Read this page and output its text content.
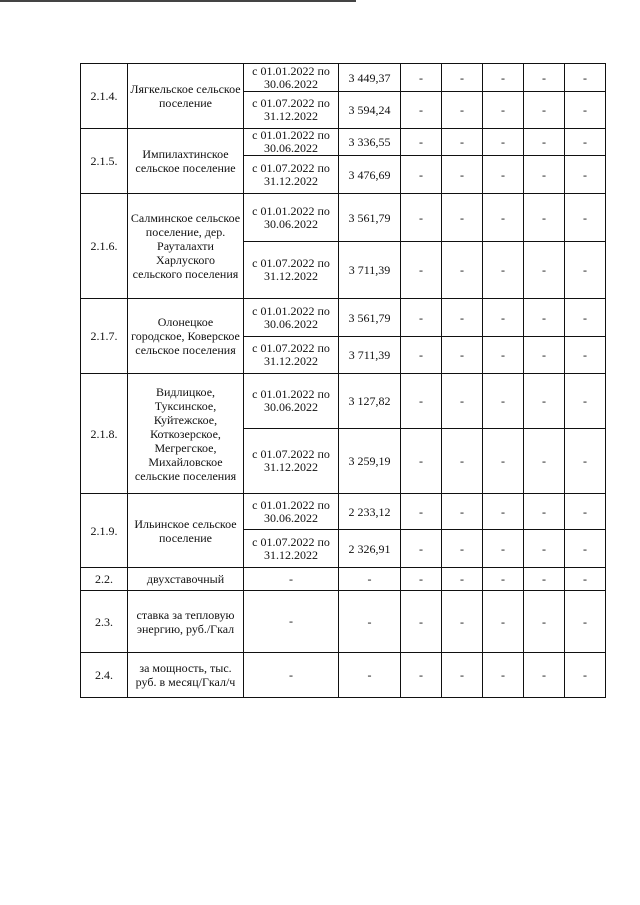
2.1.4.	Лягкельское сельское поселение	с 01.01.2022 по 30.06.2022	3 449,37	-	-	-	-	-
		с 01.07.2022 по 31.12.2022	3 594,24	-	-	-	-	-
2.1.5.	Импилахтинское сельское поселение	с 01.01.2022 по 30.06.2022	3 336,55	-	-	-	-	-
		с 01.07.2022 по 31.12.2022	3 476,69	-	-	-	-	-
2.1.6.	Салминское сельское поселение, дер. Рауталахти Харлуского сельского поселения	с 01.01.2022 по 30.06.2022	3 561,79	-	-	-	-	-
		с 01.07.2022 по 31.12.2022	3 711,39	-	-	-	-	-
2.1.7.	Олонецкое городское, Коверское сельское поселения	с 01.01.2022 по 30.06.2022	3 561,79	-	-	-	-	-
		с 01.07.2022 по 31.12.2022	3 711,39	-	-	-	-	-
2.1.8.	Видлицкое, Туксинское, Куйтежское, Коткозерское, Мегрегское, Михайловское сельские поселения	с 01.01.2022 по 30.06.2022	3 127,82	-	-	-	-	-
		с 01.07.2022 по 31.12.2022	3 259,19	-	-	-	-	-
2.1.9.	Ильинское сельское поселение	с 01.01.2022 по 30.06.2022	2 233,12	-	-	-	-	-
		с 01.07.2022 по 31.12.2022	2 326,91	-	-	-	-	-
2.2.	двухставочный	-	-	-	-	-	-	-
2.3.	ставка за тепловую энергию, руб./Гкал	-	-	-	-	-	-	-
2.4.	за мощность, тыс. руб. в месяц/Гкал/ч	-	-	-	-	-	-	-
